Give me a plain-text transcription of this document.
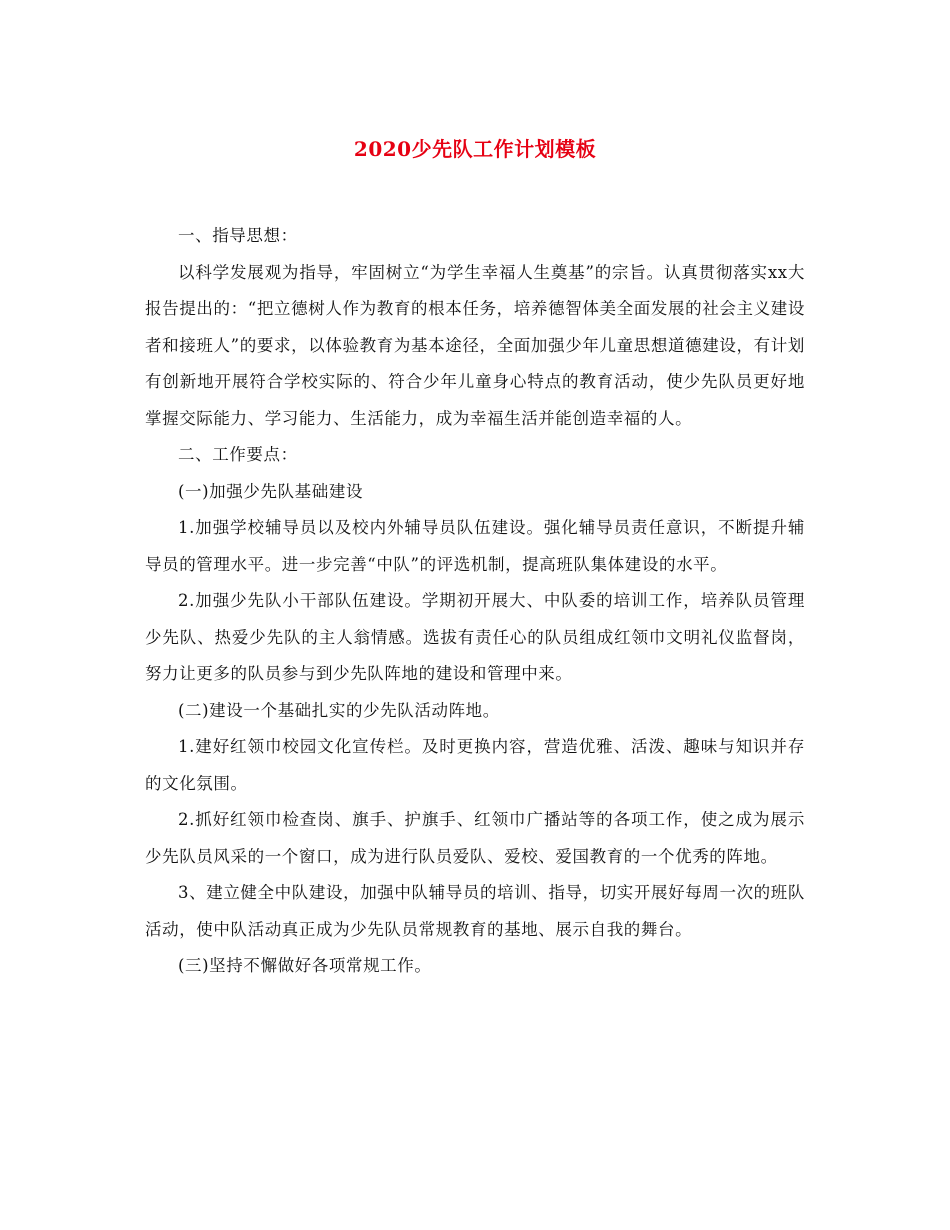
2020少先队工作计划模板

一、指导思想：

以科学发展观为指导，牢固树立“为学生幸福人生奠基”的宗旨。认真贯彻落实xx大报告提出的：“把立德树人作为教育的根本任务，培养德智体美全面发展的社会主义建设者和接班人”的要求，以体验教育为基本途径，全面加强少年儿童思想道德建设，有计划有创新地开展符合学校实际的、符合少年儿童身心特点的教育活动，使少先队员更好地掌握交际能力、学习能力、生活能力，成为幸福生活并能创造幸福的人。

二、工作要点：

(一)加强少先队基础建设

1.加强学校辅导员以及校内外辅导员队伍建设。强化辅导员责任意识，不断提升辅导员的管理水平。进一步完善“中队”的评选机制，提高班队集体建设的水平。

2.加强少先队小干部队伍建设。学期初开展大、中队委的培训工作，培养队员管理少先队、热爱少先队的主人翁情感。选拔有责任心的队员组成红领巾文明礼仪监督岗，努力让更多的队员参与到少先队阵地的建设和管理中来。

(二)建设一个基础扎实的少先队活动阵地。

1.建好红领巾校园文化宣传栏。及时更换内容，营造优雅、活泼、趣味与知识并存的文化氛围。

2.抓好红领巾检查岗、旗手、护旗手、红领巾广播站等的各项工作，使之成为展示少先队员风采的一个窗口，成为进行队员爱队、爱校、爱国教育的一个优秀的阵地。

3、建立健全中队建设，加强中队辅导员的培训、指导，切实开展好每周一次的班队活动，使中队活动真正成为少先队员常规教育的基地、展示自我的舞台。

(三)坚持不懈做好各项常规工作。
